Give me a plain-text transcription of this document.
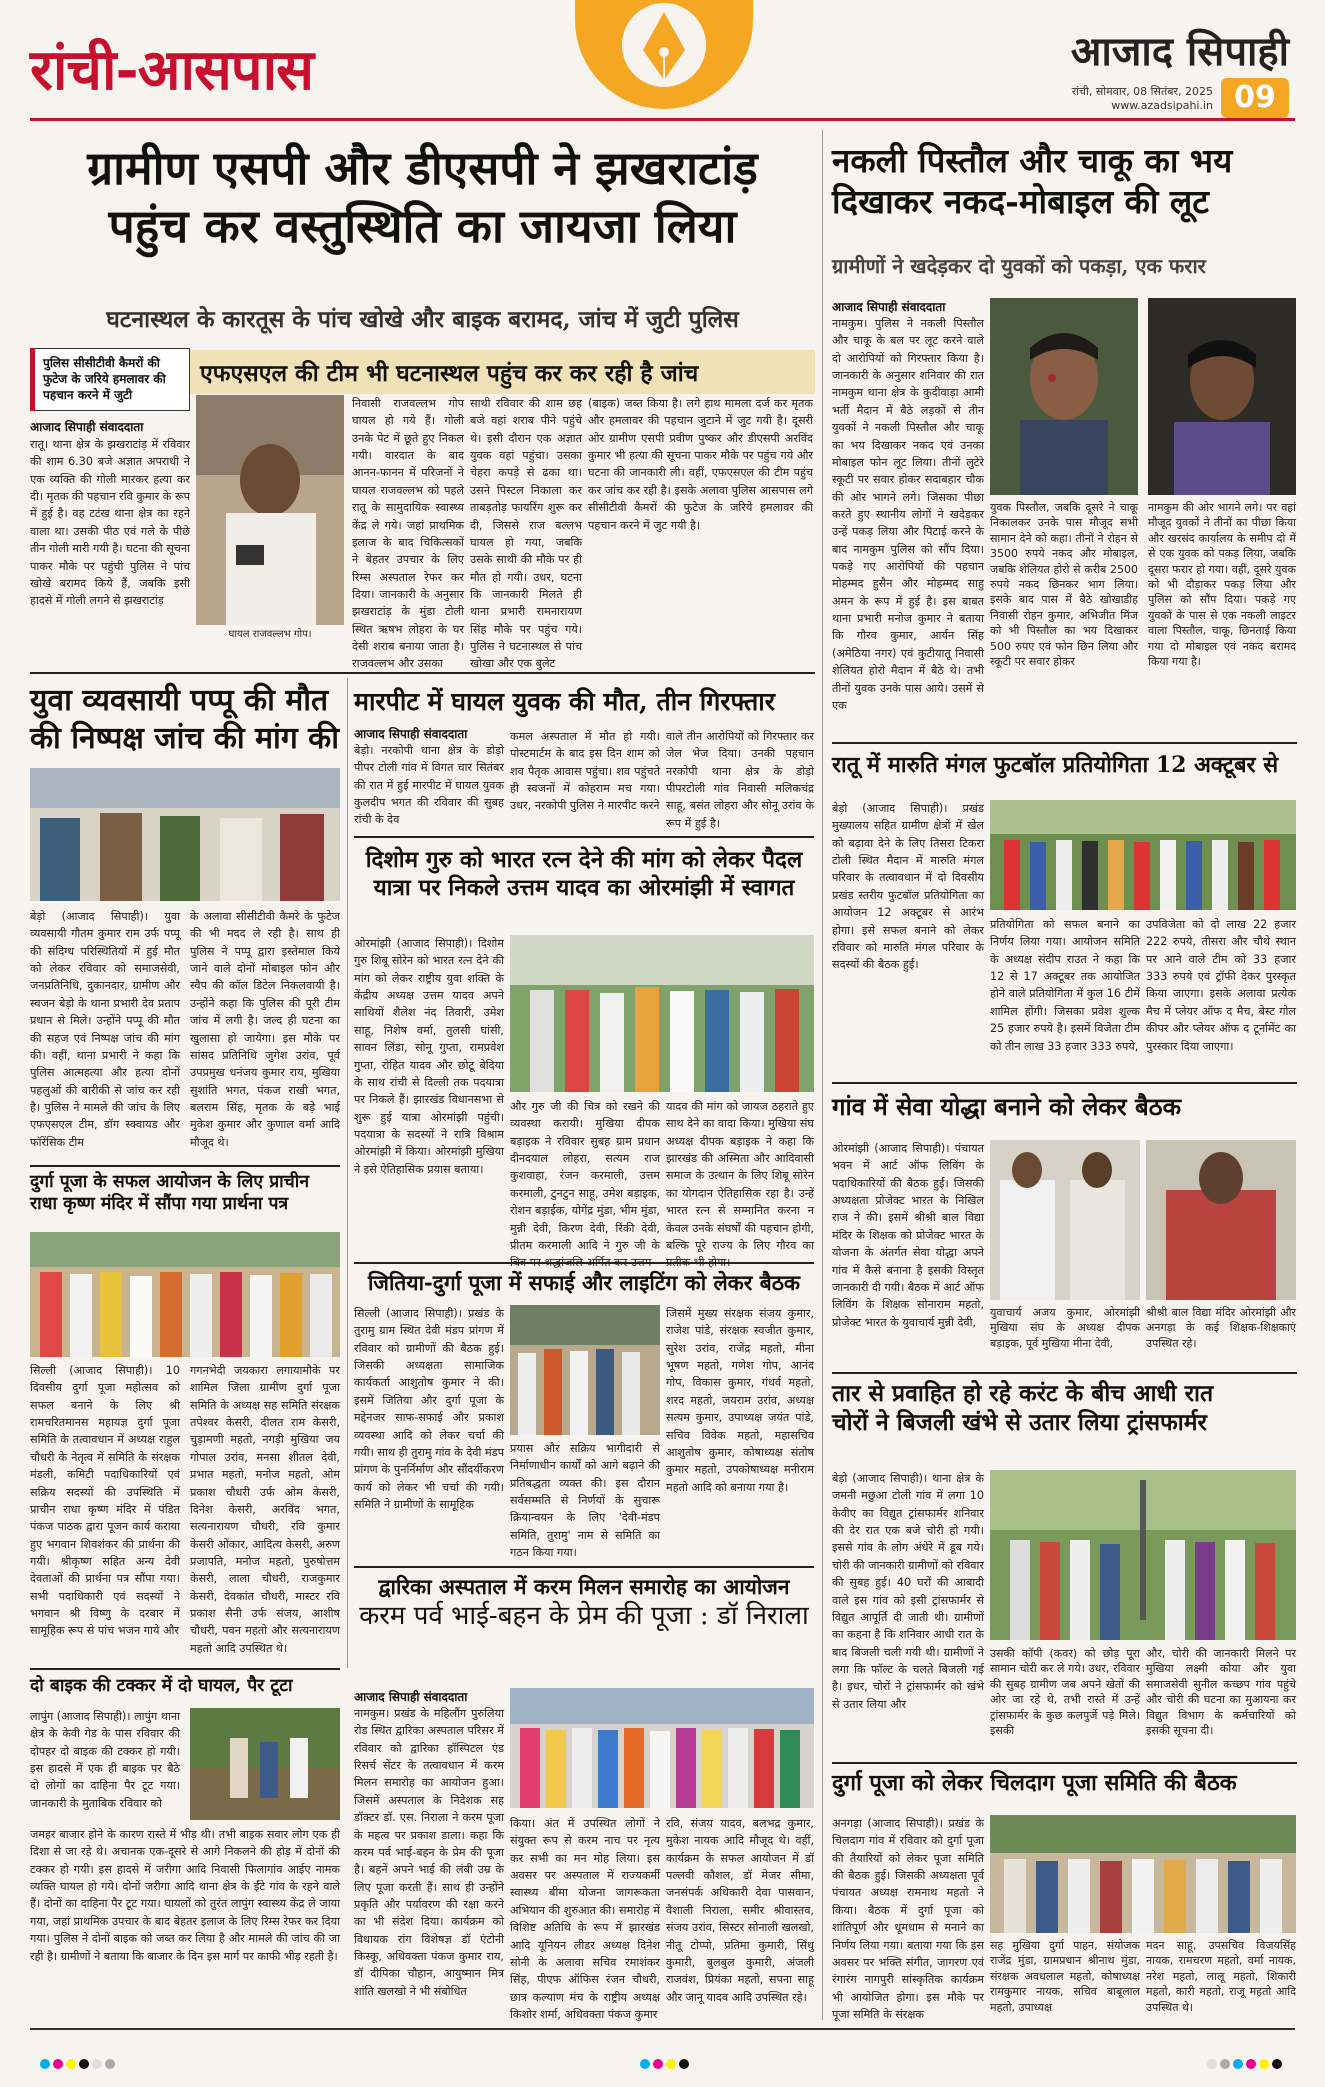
रांची-आसपास	आजाद सिपाही
रांची, सोमवार, 08 सितंबर, 2025
www.azadsipahi.in 09
ग्रामीण एसपी और डीएसपी ने झखराटांड़
पहुंच कर वस्तुस्थिति का जायजा लिया
घटनास्थल के कारतूस के पांच खोखे और बाइक बरामद, जांच में जुटी पुलिस
पुलिस सीसीटीवी कैमरों की फुटेज के जरिये हमलावर की पहचान करने में जुटी
एफएसएल की टीम भी घटनास्थल पहुंच कर कर रही है जांच
आजाद सिपाही संवाददाता
रातू। थाना क्षेत्र के झखराटांड़ में रविवार की शाम 6.30 बजे अज्ञात अपराधी ने एक व्यक्ति की गोली मारकर हत्या कर दी। मृतक की पहचान रवि कुमार के रूप में हुई है। वह टटंख थाना क्षेत्र का रहने वाला था। उसकी पीठ एवं गले के पीछे तीन गोली मारी गयी है। घटना की सूचना पाकर मौके पर पहुंची पुलिस ने पांच खोखे बरामद किये हैं, जबकि इसी हादसे में गोली लगने से झखराटांड़
घायल राजवल्लभ गोप।
निवासी राजवल्लभ गोप घायल हो गये हैं। गोली उनके पेट में छूते हुए निकल गयी। वारदात के बाद आनन-फानन में परिजनों ने घायल राजवल्लभ को पहले रातू के सामुदायिक स्वास्थ्य केंद्र ले गये। जहां प्राथमिक इलाज के बाद चिकित्सकों ने बेहतर उपचार के लिए रिम्स अस्पताल रेफर कर दिया। जानकारी के अनुसार झखराटांड़ के मुंडा टोली स्थित ऋषभ लोहरा के घर देसी शराब बनाया जाता है। राजवल्लभ और उसका
साथी रविवार की शाम छह बजे वहां शराब पीने पहुंचे थे। इसी दौरान एक अज्ञात युवक वहां पहुंचा। उसका चेहरा कपड़े से ढका था। उसने पिस्टल निकाला कर ताबड़तोड़ फायरिंग शुरू कर दी, जिससे राज बल्लभ घायल हो गया, जबकि उसके साथी की मौके पर ही मौत हो गयी। उधर, घटना कि जानकारी मिलते ही थाना प्रभारी रामनारायण सिंह मौके पर पहुंच गये। पुलिस ने घटनास्थल से पांच खोखा और एक बुलेट
(बाइक) जब्त किया है। लगे हाथ मामला दर्ज कर मृतक और हमलावर की पहचान जुटाने में जुट गयी है। दूसरी ओर ग्रामीण एसपी प्रवीण पुष्कर और डीएसपी अरविंद कुमार भी हत्या की सूचना पाकर मौके पर पहुंच गये और घटना की जानकारी ली। वहीं, एफएसएल की टीम पहुंच कर जांच कर रही है। इसके अलावा पुलिस आसपास लगे सीसीटीवी कैमरों की फुटेज के जरिये हमलावर की पहचान करने में जुट गयी है।
नकली पिस्तौल और चाकू का भय
दिखाकर नकद-मोबाइल की लूट
ग्रामीणों ने खदेड़कर दो युवकों को पकड़ा, एक फरार
आजाद सिपाही संवाददाता
नामकुम। पुलिस ने नकली पिस्तौल और चाकू के बल पर लूट करने वाले दो आरोपियों को गिरफ्तार किया है। जानकारी के अनुसार शनिवार की रात नामकुम थाना क्षेत्र के कुदीवाड़ा आमी भर्ती मैदान में बैठे लड़कों से तीन युवकों ने नकली पिस्तौल और चाकू का भय दिखाकर नकद एवं उनका मोबाइल फोन लूट लिया। तीनों लुटेरे स्कूटी पर सवार होकर सदाबहार चौक की ओर भागने लगे। जिसका पीछा करते हुए स्थानीय लोगों ने खदेड़कर उन्हें पकड़ लिया और पिटाई करने के बाद नामकुम पुलिस को सौंप दिया। पकड़े गए आरोपियों की पहचान मोहम्मद हुसैन और मोहम्मद साहु अमन के रूप में हुई है। इस बाबत थाना प्रभारी मनोज कुमार ने बताया कि गौरव कुमार, आर्यन सिंह (अमेठिया नगर) एवं कुटीयातू निवासी शेलियत होरो मैदान में बैठे थे। तभी तीनों युवक उनके पास आये। उसमें से एक
युवक पिस्तौल, जबकि दूसरे ने चाकू निकालकर उनके पास मौजूद सभी सामान देने को कहा। तीनों ने रोहन से 3500 रुपये नकद और मोबाइल, जबकि शेलियत होरो से करीब 2500 रुपये नकद छिनकर भाग लिया। इसके बाद पास में बैठे खोखाडीह निवासी रोहन कुमार, अभिजीत मिंज को भी पिस्तौल का भय दिखाकर 500 रुपए एवं फोन छिन लिया और स्कूटी पर सवार होकर
नामकुम की ओर भागने लगे। पर वहां मौजूद युवकों ने तीनों का पीछा किया और खरसंद कार्यालय के समीप दो में से एक युवक को पकड़ लिया, जबकि दूसरा फरार हो गया। वहीं, दूसरे युवक को भी दौड़ाकर पकड़ लिया और पुलिस को सौंप दिया। पकड़े गए युवकों के पास से एक नकली लाइटर वाला पिस्तौल, चाकू, छिनताई किया गया दो मोबाइल एवं नकद बरामद किया गया है।
युवा व्यवसायी पप्पू की मौत
की निष्पक्ष जांच की मांग की
बेड़ो (आजाद सिपाही)। युवा व्यवसायी गौतम कुमार राम उर्फ पप्पू की संदिग्ध परिस्थितियों में हुई मौत को लेकर रविवार को समाजसेवी, जनप्रतिनिधि, दुकानदार, ग्रामीण और स्वजन बेड़ो के थाना प्रभारी देव प्रताप प्रधान से मिले। उन्होंने पप्पू की मौत की सहज एवं निष्पक्ष जांच की मांग की। वहीं, थाना प्रभारी ने कहा कि पुलिस आत्महत्या और हत्या दोनों पहलुओं की बारीकी से जांच कर रही है। पुलिस ने मामले की जांच के लिए एफएसएल टीम, डॉग स्क्वायड और फॉरेंसिक टीम
के अलावा सीसीटीवी कैमरे के फुटेज की भी मदद ले रही है। साथ ही पुलिस ने पप्पू द्वारा इस्तेमाल किये जाने वाले दोनों मोबाइल फोन और स्वैप की कॉल डिटेल निकलवायी है। उन्होंने कहा कि पुलिस की पूरी टीम जांच में लगी है। जल्द ही घटना का खुलासा हो जायेगा। इस मौके पर सांसद प्रतिनिधि जुगेश उरांव, पूर्व उपप्रमुख धनंजय कुमार राय, मुखिया सुशांति भगत, पंकज राखी भगत, बलराम सिंह, मृतक के बड़े भाई मुकेश कुमार और कुणाल वर्मा आदि मौजूद थे।
मारपीट में घायल युवक की मौत, तीन गिरफ्तार
आजाद सिपाही संवाददाता
बेड़ो। नरकोपी थाना क्षेत्र के डोड़ो पीपर टोली गांव में विगत चार सितंबर की रात में हुई मारपीट में घायल युवक कुलदीप भगत की रविवार की सुबह रांची के देव
कमल अस्पताल में मौत हो गयी। पोस्टमार्टम के बाद इस दिन शाम को शव पैतृक आवास पहुंचा। शव पहुंचते ही स्वजनों में कोहराम मच गया। उधर, नरकोपी पुलिस ने मारपीट करने
वाले तीन आरोपियों को गिरफ्तार कर जेल भेज दिया। उनकी पहचान नरकोपी थाना क्षेत्र के डोड़ो पीपरटोली गांव निवासी मलिकचंद्र साहू, बसंत लोहरा और सोनू उरांव के रूप में हुई है।
दिशोम गुरु को भारत रत्न देने की मांग को लेकर पैदल
यात्रा पर निकले उत्तम यादव का ओरमांझी में स्वागत
ओरमांझी (आजाद सिपाही)। दिशोम गुरु शिबू सोरेन को भारत रत्न देने की मांग को लेकर राष्ट्रीय युवा शक्ति के केंद्रीय अध्यक्ष उत्तम यादव अपने साथियों शैलेश नंद तिवारी, उमेश साहू, निशेष वर्मा, तुलसी घांसी, सावन लिंडा, सोनू गुप्ता, रामप्रवेश गुप्ता, रोहित यादव और छोटू बेदिया के साथ रांची से दिल्ली तक पदयात्रा पर निकले हैं। झारखंड विधानसभा से शुरू हुई यात्रा ओरमांझी पहुंची। पदयात्रा के सदस्यों ने रात्रि विश्राम ओरमांझी में किया। ओरमांझी मुखिया ने इसे ऐतिहासिक प्रयास बताया।
और गुरु जी की चित्र को रखने की व्यवस्था करायी। मुखिया दीपक बड़ाइक ने रविवार सुबह ग्राम प्रधान दीनदयाल लोहरा, सत्यम राज कुशवाहा, रंजन करमाली, उत्तम करमाली, टुनटुन साहू, उमेश बड़ाइक, रोशन बड़ाईक, योगेंद्र मुंडा, भीम मुंडा, मुन्नी देवी, किरण देवी, रिंकी देवी, प्रीतम करमाली आदि ने गुरु जी के
यादव की मांग को जायज ठहराते हुए साथ देने का वादा किया। मुखिया संघ अध्यक्ष दीपक बड़ाइक ने कहा कि झारखंड की अस्मिता और आदिवासी समाज के उत्थान के लिए शिबू सोरेन का योगदान ऐतिहासिक रहा है। उन्हें भारत रत्न से सम्मानित करना न केवल उनके संघर्षों की पहचान होगी, बल्कि पूरे राज्य के लिए गौरव का
दुर्गा पूजा के सफल आयोजन के लिए प्राचीन
राधा कृष्ण मंदिर में सौंपा गया प्रार्थना पत्र
सिल्ली (आजाद सिपाही)। 10 दिवसीय दुर्गा पूजा महोत्सव को सफल बनाने के लिए श्री रामचरितमानस महायज्ञ दुर्गा पूजा समिति के तत्वावधान में अध्यक्ष राहुल चौधरी के नेतृत्व में समिति के संरक्षक मंडली, कमिटी पदाधिकारियों एवं सक्रिय सदस्यों की उपस्थिति में प्राचीन राधा कृष्ण मंदिर में पंडित पंकज पाठक द्वारा पूजन कार्य कराया हुए भगवान शिवशंकर की प्रार्थना की गयी। श्रीकृष्ण सहित अन्य देवी देवताओं की प्रार्थना पत्र सौंपा गया। सभी पदाधिकारी एवं सदस्यों ने भगवान श्री विष्णु के दरबार में सामूहिक रूप से पांच भजन गाये और
गगनभेदी जयकारा लगायामौके पर शामिल जिला ग्रामीण दुर्गा पूजा समिति के अध्यक्ष सह समिति संरक्षक तपेश्वर केसरी, दीलत राम केसरी, चुड़ामणी महतो, नगड़ी मुखिया जय गोपाल उरांव, मनसा शीतल देवी, प्रभात महतो, मनोज महतो, ओम प्रकाश चौधरी उर्फ ओम केसरी, दिनेश केसरी, अरविंद भगत, सत्यनारायण चौधरी, रवि कुमार केसरी ओंकार, आदित्य केसरी, अरुण प्रजापति, मनोज महतो, पुरुषोत्तम केसरी, लाला चौधरी, राजकुमार केसरी, देवकांत चौधरी, मास्टर रवि प्रकाश सैनी उर्फ संजय, आशीष चौधरी, पवन महतो और सत्यनारायण महतो आदि उपस्थित थे।
जितिया-दुर्गा पूजा में सफाई और लाइटिंग को लेकर बैठक
सिल्ली (आजाद सिपाही)। प्रखंड के तुरामु ग्राम स्थित देवी मंडप प्रांगण में रविवार को ग्रामीणों की बैठक हुई। जिसकी अध्यक्षता सामाजिक कार्यकर्ता आशुतोष कुमार ने की। इसमें जितिया और दुर्गा पूजा के मद्देनजर साफ-सफाई और प्रकाश व्यवस्था आदि को लेकर चर्चा की गयी। साथ ही तुरामु गांव के देवी मंडप प्रांगण के पुनर्निर्माण और सौंदर्यीकरण कार्य को लेकर भी चर्चा की गयी। समिति ने ग्रामीणों के सामूहिक
प्रयास और सक्रिय भागीदारी से निर्माणाधीन कार्यों को आगे बढ़ाने की प्रतिबद्धता व्यक्त की। इस दौरान सर्वसम्मति से निर्णयों के सुचारू क्रियान्वयन के लिए 'देवी-मंडप समिति, तुरामु' नाम से समिति का गठन किया गया।
जिसमें मुख्य संरक्षक संजय कुमार, राजेश पांडे, संरक्षक स्वजीत कुमार, सुरेश उरांव, राजेंद्र महतो, मीना भूषण महतो, गणेश गोप, आनंद गोप, विकास कुमार, गंधर्व महतो, शरद महतो, जयराम उरांव, अध्यक्ष सत्यम कुमार, उपाध्यक्ष जयंत पांडे, सचिव विवेक महतो, महासचिव आशुतोष कुमार, कोषाध्यक्ष संतोष कुमार महतो, उपकोषाध्यक्ष मनीराम महतो आदि को बनाया गया है।
द्वारिका अस्पताल में करम मिलन समारोह का आयोजन
करम पर्व भाई-बहन के प्रेम की पूजा : डॉ निराला
आजाद सिपाही संवाददाता
नामकुम। प्रखंड के महिलौंग पुरुलिया रोड स्थित द्वारिका अस्पताल परिसर में रविवार को द्वारिका हॉस्पिटल एंड रिसर्च सेंटर के तत्वावधान में करम मिलन समारोह का आयोजन हुआ। जिसमें अस्पताल के निदेशक सह डॉक्टर डॉ. एस. निराला ने करम पूजा के महत्व पर प्रकाश डाला। कहा कि करम पर्व भाई-बहन के प्रेम की पूजा है। बहनें अपने भाई की लंबी उम्र के लिए पूजा करती हैं। साथ ही उन्होंने प्रकृति और पर्यावरण की रक्षा करने का भी संदेश दिया। कार्यक्रम को विधायक रांग विशेषज्ञ डॉ एंटोनी किस्कू, अधिवक्ता पंकज कुमार राय, डॉ दीपिका चौहान, आयुष्मान मित्र शांति खलखो ने भी संबोधित
किया। अंत में उपस्थित लोगों ने संयुक्त रूप से करम नाच पर नृत्य कर सभी का मन मोह लिया। इस अवसर पर अस्पताल में राज्यकर्मी स्वास्थ्य बीमा योजना जागरूकता अभियान की शुरुआत की। समारोह में विशिष्ट अतिथि के रूप में झारखंड आदि यूनियन लीडर अध्यक्ष दिनेश सोनी के अलावा सचिव रमाशंकर सिंह, पीएफ ऑफिस रंजन चौधरी, छात्र कल्याण मंच के राष्ट्रीय अध्यक्ष किशोर शर्मा, अधिवक्ता पंकज कुमार
रवि, संजय यादव, बलभद्र कुमार, मुकेश नायक आदि मौजूद थे। वहीं, कार्यक्रम के सफल आयोजन में डॉ पल्लवी कौशल, डॉ मेजर सीमा, जनसंपर्क अधिकारी देवा पासवान, वैशाली निराला, समीर श्रीवास्तव, संजय उरांव, सिस्टर सोनाली खलखो, नीतू टोप्पो, प्रतिमा कुमारी, सिंधु कुमारी, बुलबुल कुमारी, अंजली राजवंश, प्रियंका महतो, सपना साहू और जानू यादव आदि उपस्थित रहे।
दो बाइक की टक्कर में दो घायल, पैर टूटा
लापुंग (आजाद सिपाही)। लापुंग थाना क्षेत्र के केवी गेड के पास रविवार की दोपहर दो बाइक की टक्कर हो गयी। इस हादसे में एक ही बाइक पर बैठे दो लोगों का दाहिना पैर टूट गया। जानकारी के मुताबिक रविवार को
जमहर बाजार होने के कारण रास्ते में भीड़ थी। तभी बाइक सवार लोग एक ही दिशा से जा रहे थे। अचानक एक-दूसरे से आगे निकलने की होड़ में दोनों की टक्कर हो गयी। इस हादसे में जरीगा आदि निवासी फिलागांव आईए नामक व्यक्ति घायल हो गये। दोनों जरीगा आदि थाना क्षेत्र के ईंटे गांव के रहने वाले हैं। दोनों का दाहिना पैर टूट गया। घायलों को तुरंत लापुंग स्वास्थ्य केंद्र ले जाया गया, जहां प्राथमिक उपचार के बाद बेहतर इलाज के लिए रिम्स रेफर कर दिया गया। पुलिस ने दोनों बाइक को जब्त कर लिया है और मामले की जांच की जा रही है। ग्रामीणों ने बताया कि बाजार के दिन इस मार्ग पर काफी भीड़ रहती है।
रातू में मारुति मंगल फुटबॉल प्रतियोगिता 12 अक्टूबर से
बेड़ो (आजाद सिपाही)। प्रखंड मुख्यालय सहित ग्रामीण क्षेत्रों में खेल को बढ़ावा देने के लिए तिसरा टिकरा टोली स्थित मैदान में मारुति मंगल परिवार के तत्वावधान में दो दिवसीय प्रखंड स्तरीय फुटबॉल प्रतियोगिता का आयोजन 12 अक्टूबर से आरंभ होगा। इसे सफल बनाने को लेकर रविवार को मारुति मंगल परिवार के सदस्यों की बैठक हुई।
प्रतियोगिता को सफल बनाने का निर्णय लिया गया। आयोजन समिति के अध्यक्ष संदीप राउत ने कहा कि 12 से 17 अक्टूबर तक आयोजित होने वाले प्रतियोगिता में कुल 16 टीमें शामिल होंगी। जिसका प्रवेश शुल्क 25 हजार रुपये है। इसमें विजेता टीम को तीन लाख 33 हजार 333 रुपये,
उपविजेता को दो लाख 22 हजार 222 रुपये, तीसरा और चौथे स्थान पर आने वाले टीम को 33 हजार 333 रुपये एवं ट्रॉफी देकर पुरस्कृत किया जाएगा। इसके अलावा प्रत्येक मैच में प्लेयर ऑफ द मैच, बेस्ट गोल कीपर और प्लेयर ऑफ द टूर्नामेंट का पुरस्कार दिया जाएगा।
गांव में सेवा योद्धा बनाने को लेकर बैठक
ओरमांझी (आजाद सिपाही)। पंचायत भवन में आर्ट ऑफ लिविंग के पदाधिकारियों की बैठक हुई। जिसकी अध्यक्षता प्रोजेक्ट भारत के निखिल राज ने की। इसमें श्रीश्री बाल विद्या मंदिर के शिक्षक को प्रोजेक्ट भारत के योजना के अंतर्गत सेवा योद्धा अपने गांव में कैसे बनाना है इसकी विस्तृत जानकारी दी गयी। बैठक में आर्ट ऑफ लिविंग के शिक्षक सोनाराम महतो, प्रोजेक्ट भारत के युवाचार्य मुन्नी देवी,
युवाचार्य अजय कुमार, ओरमांझी मुखिया संघ के अध्यक्ष दीपक बड़ाइक, पूर्व मुखिया मीना देवी,
श्रीश्री बाल विद्या मंदिर ओरमांझी और अनगड़ा के कई शिक्षक-शिक्षकाएं उपस्थित रहे।
तार से प्रवाहित हो रहे करंट के बीच आधी रात
चोरों ने बिजली खंभे से उतार लिया ट्रांसफार्मर
बेड़ो (आजाद सिपाही)। थाना क्षेत्र के जमनी मछुआ टोली गांव में लगा 10 केवीए का विद्युत ट्रांसफार्मर शनिवार की देर रात एक बजे चोरी हो गयी। इससे गांव के लोग अंधेरे में डूब गये। चोरी की जानकारी ग्रामीणों को रविवार की सुबह हुई। 40 घरों की आबादी वाले इस गांव को इसी ट्रांसफार्मर से विद्युत आपूर्ति दी जाती थी। ग्रामीणों का कहना है कि शनिवार आधी रात के बाद बिजली चली गयी थी। ग्रामीणों ने लगा कि फॉल्ट के चलते बिजली गई है। इधर, चोरों ने ट्रांसफार्मर को खंभे से उतार लिया और
उसकी कॉपी (कवर) को छोड़ पूरा सामान चोरी कर ले गये। उधर, रविवार की सुबह ग्रामीण जब अपने खेतों की ओर जा रहे थे, तभी रास्ते में उन्हें ट्रांसफार्मर के कुछ कलपुर्जे पड़े मिले। इसकी
और, चोरी की जानकारी मिलने पर मुखिया लक्ष्मी कोया और युवा समाजसेवी सुनील कच्छप गांव पहुंचे और चोरी की घटना का मुआयना कर विद्युत विभाग के कर्मचारियों को इसकी सूचना दी।
दुर्गा पूजा को लेकर चिलदाग पूजा समिति की बैठक
अनगड़ा (आजाद सिपाही)। प्रखंड के चिलदाग गांव में रविवार को दुर्गा पूजा की तैयारियों को लेकर पूजा समिति की बैठक हुई। जिसकी अध्यक्षता पूर्व पंचायत अध्यक्ष रामनाथ महतो ने किया। बैठक में दुर्गा पूजा को शांतिपूर्ण और धूमधाम से मनाने का निर्णय लिया गया। बताया गया कि इस अवसर पर भक्ति संगीत, जागरण एवं रंगारंग नागपुरी सांस्कृतिक कार्यक्रम भी आयोजित होगा। इस मौके पर पूजा समिति के संरक्षक
सह मुखिया दुर्गा पाहन, संयोजक राजेंद्र मुंडा, ग्रामप्रधान श्रीनाथ मुंडा, संरक्षक अवधलाल महतो, कोषाध्यक्ष रामकुमार नायक, सचिव बाबूलाल महतो, उपाध्यक्ष
मदन साहू, उपसचिव विजयसिंह नायक, रामचरण महतो, वर्मा नायक, नरेश महतो, लालू महतो, शिकारी महतो, कारी महतो, राजू महतो आदि उपस्थित थे।
